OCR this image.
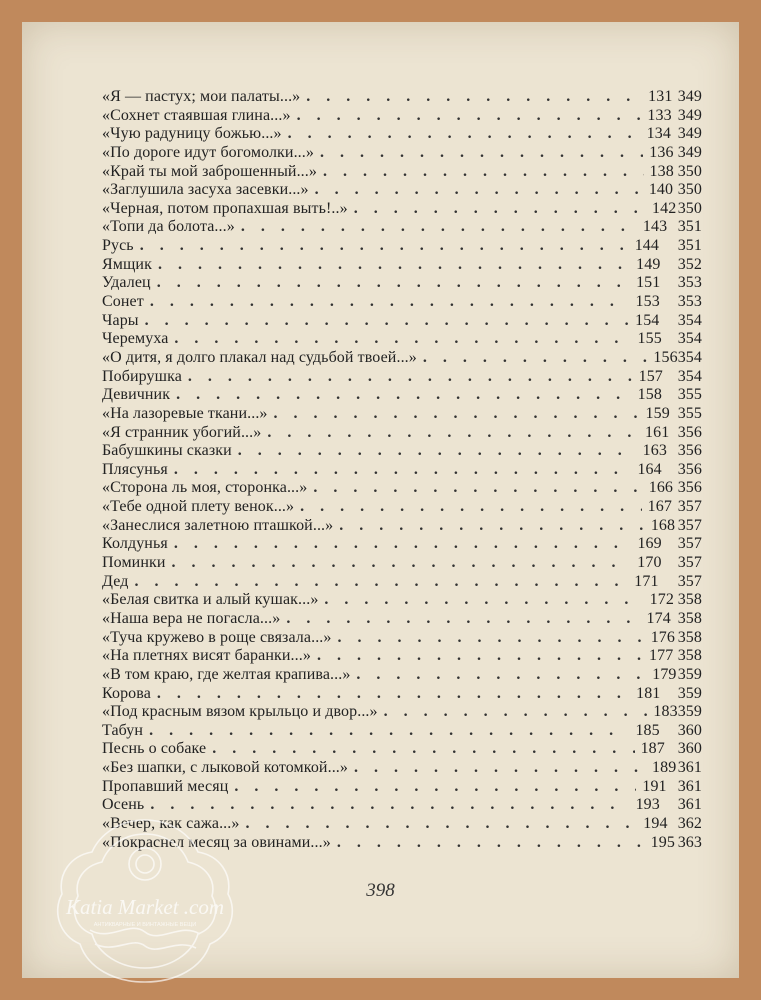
«Я — пастух; мои палаты...» . . .	131 349
«Сохнет стаявшая глина...» . . .	133 349
«Чую радуницу божью...» . . .	134 349
«По дороге идут богомолки...» . . .	136 349
«Край ты мой заброшенный...» . . .	138 350
«Заглушила засуха засевки...» . . .	140 350
«Черная, потом пропахшая выть!..» . . .	142 350
«Топи да болота...» . . .	143 351
Русь . . .	144	351
Ямщик . . .	149	352
Удалец . . .	151	353
Сонет . . .	153	353
Чары . . .	154	354
Черемуха . . .	155 354
«О дитя, я долго плакал над судьбой твоей...» . . .	156 354
Побирушка . . .	157 354
Девичник . . .	158 355
«На лазоревые ткани...» . . .	159 355
«Я странник убогий...» . . .	161 356
Бабушкины сказки . . .	163 356
Плясунья . . .	164 356
«Сторона ль моя, сторонка...» . . .	166 356
«Тебе одной плету венок...» . . .	167 357
«Занеслися залетною пташкой...» . . .	168 357
Колдунья . . .	169 357
Поминки . . .	170	357
Дед . . .	171	357
«Белая свитка и алый кушак...» . . .	172 358
«Наша вера не погасла...» . . .	174 358
«Туча кружево в роще связала...» . . .	176 358
«На плетнях висят баранки...» . . .	177 358
«В том краю, где желтая крапива...» . . .	179 359
Корова . . .	181	359
«Под красным вязом крыльцо и двор...» . . .	183 359
Табун . . .	185	360
Песнь о собаке . . .	187 360
«Без шапки, с лыковой котомкой...» . . .	189 361
Пропавший месяц . . .	191 361
Осень . . .	193	361
«Вечер, как сажа...» . . .	194 362
«Покраснел месяц за овинами...» . . .	195 363
398
Katia Market .com
АНТИКВАРНЫЕ И ВИНТАЖНЫЕ ВЕЩИ
